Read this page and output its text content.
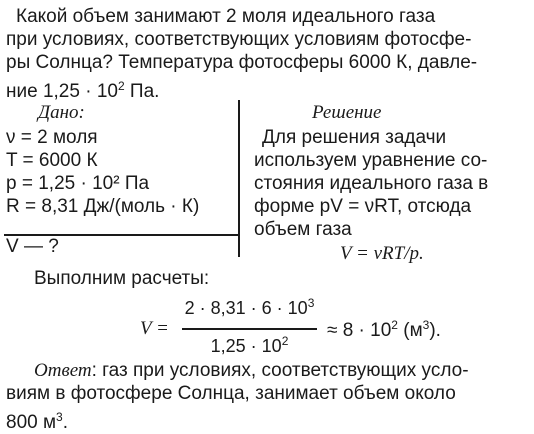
Какой объем занимают 2 моля идеального газа
при условиях, соответствующих условиям фотосфе-
ры Солнца? Температура фотосферы 6000 К, давле-
ние $1,25 \cdot 10^2$ Па.
Дано:
ν = 2 моля
T = 6000 К
p = 1,25 · 10² Па
R = 8,31 Дж/(моль · К)
V — ?
Решение
Для решения задачи
используем уравнение со-
стояния идеального газа в
форме pV = νRT, отсюда
объем газа
V = νRT/p.
Выполним расчеты:
V =
$2 \cdot 8,31 \cdot 6 \cdot 10^3$
$1,25 \cdot 10^2$	≈ $8 \cdot 10^2$ $(м^3)$.
Ответ: газ при условиях, соответствующих усло-
виям в фотосфере Солнца, занимает объем около
800 $м^3$.
